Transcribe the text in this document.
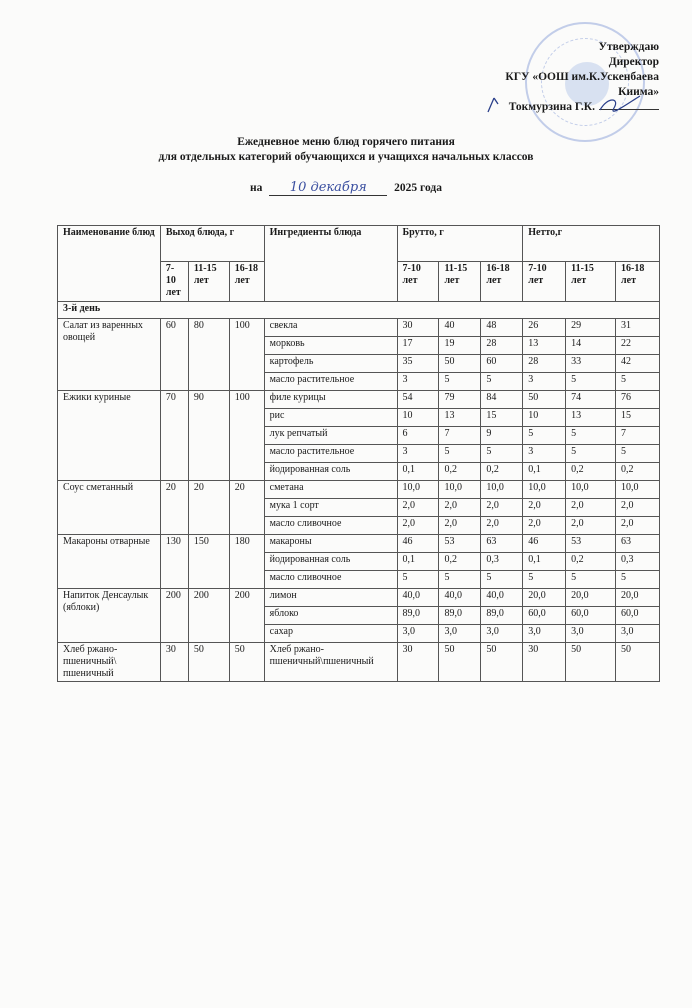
Утверждаю
Директор
КГУ «ООШ им.К.Ускенбаева
Киима»
Токмурзина Г.К.
Ежедневное меню блюд горячего питания
для отдельных категорий обучающихся и учащихся начальных классов
на 10 декабря 2025 года
Наименование блюд	Выход блюда, г			Ингредиенты блюда	Брутто, г			Нетто,г		
	7-10 лет	11-15 лет	16-18 лет		7-10 лет	11-15 лет	16-18 лет	7-10 лет	11-15 лет	16-18 лет
3-й день										
Салат из варенных овощей	60	80	100	свекла	30	40	48	26	29	31
				морковь	17	19	28	13	14	22
				картофель	35	50	60	28	33	42
				масло растительное	3	5	5	3	5	5
Ежики куриные	70	90	100	филе курицы	54	79	84	50	74	76
				рис	10	13	15	10	13	15
				лук репчатый	6	7	9	5	5	7
				масло растительное	3	5	5	3	5	5
				йодированная соль	0,1	0,2	0,2	0,1	0,2	0,2
Соус сметанный	20	20	20	сметана	10,0	10,0	10,0	10,0	10,0	10,0
				мука 1 сорт	2,0	2,0	2,0	2,0	2,0	2,0
				масло сливочное	2,0	2,0	2,0	2,0	2,0	2,0
Макароны отварные	130	150	180	макароны	46	53	63	46	53	63
				йодированная соль	0,1	0,2	0,3	0,1	0,2	0,3
				масло сливочное	5	5	5	5	5	5
Напиток Денсаулык (яблоки)	200	200	200	лимон	40,0	40,0	40,0	20,0	20,0	20,0
				яблоко	89,0	89,0	89,0	60,0	60,0	60,0
				сахар	3,0	3,0	3,0	3,0	3,0	3,0
Хлеб ржано-пшеничный\ пшеничный	30	50	50	Хлеб ржано-пшеничный\пшеничный	30	50	50	30	50	50
